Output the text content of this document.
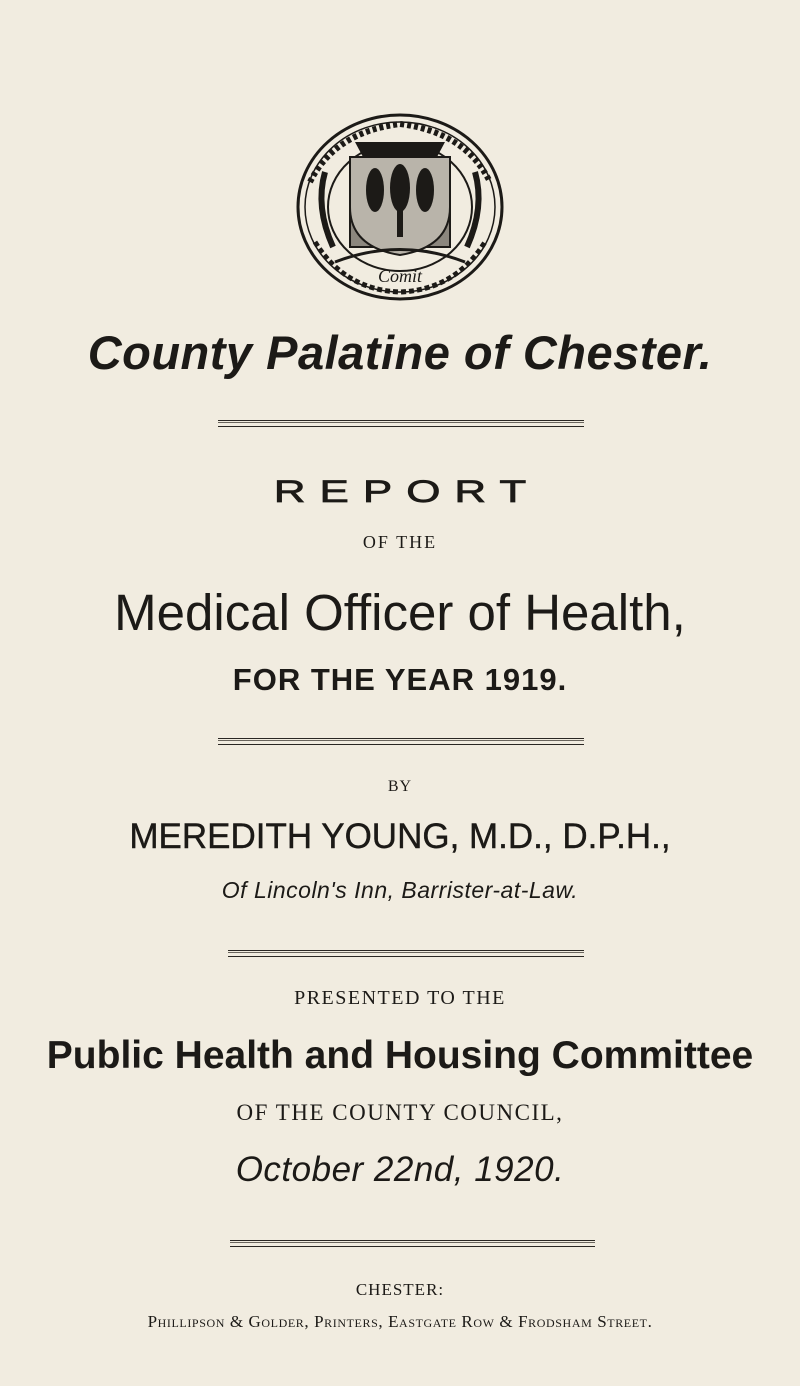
Comit
County Palatine of Chester.
REPORT
OF THE
Medical Officer of Health,
FOR THE YEAR 1919.
BY
MEREDITH YOUNG, M.D., D.P.H.,
Of Lincoln's Inn, Barrister-at-Law.
PRESENTED TO THE
Public Health and Housing Committee
OF THE COUNTY COUNCIL,
October 22nd, 1920.
CHESTER:
Phillipson & Golder, Printers, Eastgate Row & Frodsham Street.
